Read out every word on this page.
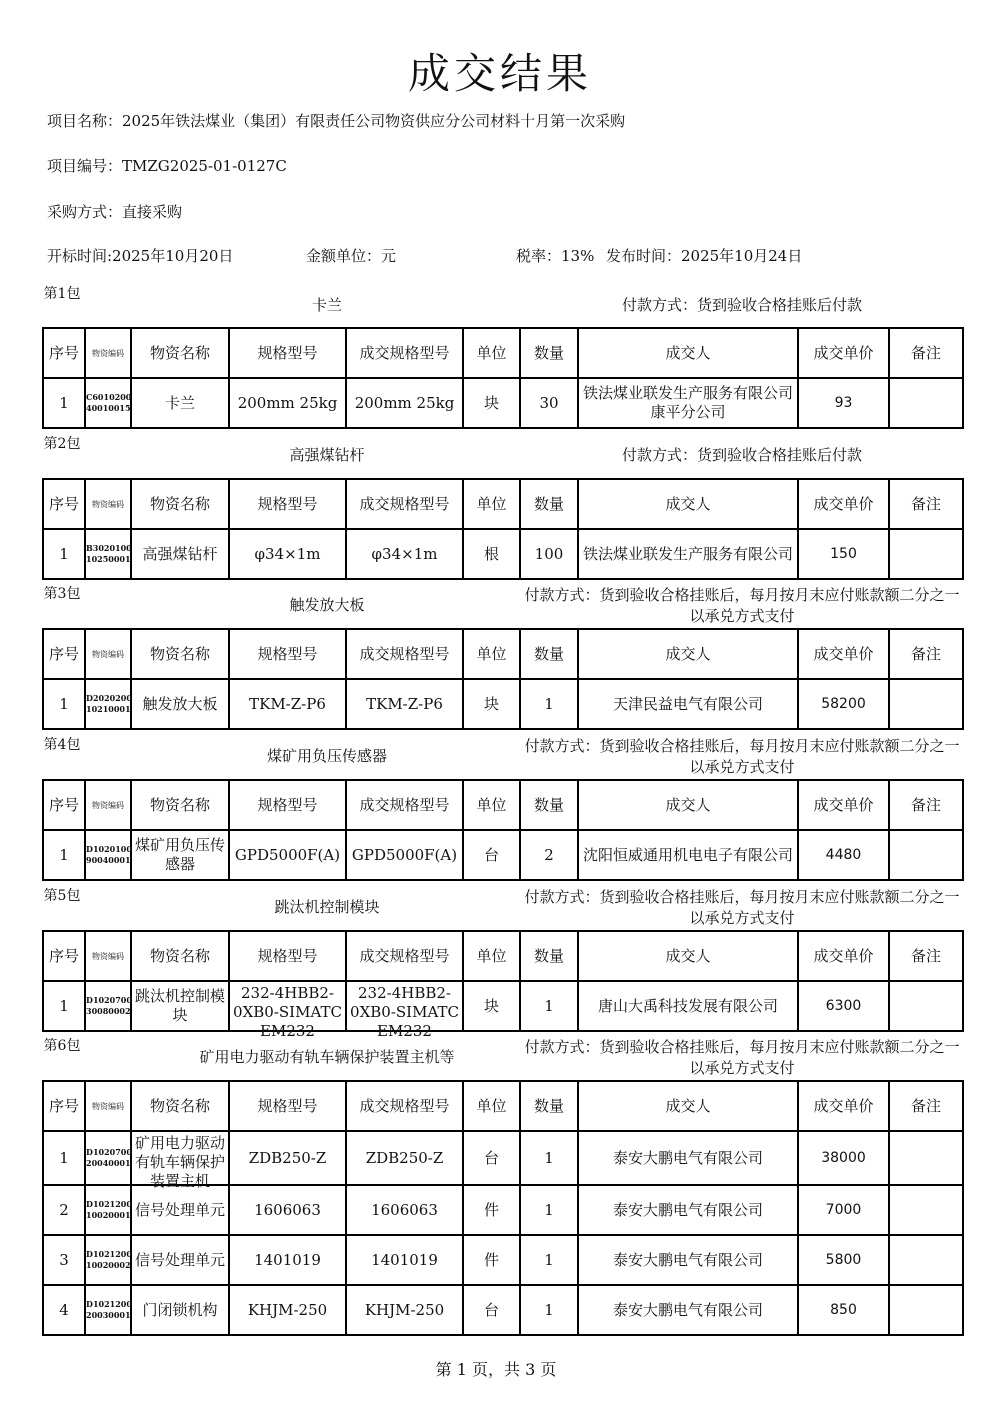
成交结果
项目名称：2025年铁法煤业（集团）有限责任公司物资供应分公司材料十月第一次采购
项目编号：TMZG2025-01-0127C
采购方式：直接采购
开标时间:2025年10月20日	金额单位：元	税率：13% 发布时间：2025年10月24日
第1包
卡兰	付款方式：货到验收合格挂账后付款
序号	物资编码	物资名称	规格型号	成交规格型号	单位	数量	成交人	成交单价	备注

1	C6010200 40010015	卡兰	200mm 25kg	200mm 25kg	块	30	铁法煤业联发生产服务有限公司康平分公司	93	

第2包
高强煤钻杆	付款方式：货到验收合格挂账后付款
序号	物资编码	物资名称	规格型号	成交规格型号	单位	数量	成交人	成交单价	备注

1	B3020100 10250001	高强煤钻杆	φ34×1m	φ34×1m	根	100	铁法煤业联发生产服务有限公司	150	

第3包
触发放大板
付款方式：货到验收合格挂账后，每月按月末应付账款额二分之一以承兑方式支付
序号	物资编码	物资名称	规格型号	成交规格型号	单位	数量	成交人	成交单价	备注

1	D2020200 10210001	触发放大板	TKM-Z-P6	TKM-Z-P6	块	1	天津民益电气有限公司	58200	

第4包
煤矿用负压传感器
付款方式：货到验收合格挂账后，每月按月末应付账款额二分之一以承兑方式支付
序号	物资编码	物资名称	规格型号	成交规格型号	单位	数量	成交人	成交单价	备注

1	D1020100 90040001	煤矿用负压传感器	GPD5000F(A)	GPD5000F(A)	台	2	沈阳恒威通用机电电子有限公司	4480	

第5包
跳汰机控制模块
付款方式：货到验收合格挂账后，每月按月末应付账款额二分之一以承兑方式支付
序号	物资编码	物资名称	规格型号	成交规格型号	单位	数量	成交人	成交单价	备注

1	D1020700 30080002	跳汰机控制模块	232-4HBB2-0XB0-SIMATC EM232	232-4HBB2-0XB0-SIMATC EM232	块	1	唐山大禹科技发展有限公司	6300	

第6包
矿用电力驱动有轨车辆保护装置主机等
付款方式：货到验收合格挂账后，每月按月末应付账款额二分之一以承兑方式支付
序号	物资编码	物资名称	规格型号	成交规格型号	单位	数量	成交人	成交单价	备注

1	D1020700 20040001	矿用电力驱动有轨车辆保护装置主机	ZDB250-Z	ZDB250-Z	台	1	泰安大鹏电气有限公司	38000	

2	D1021200 10020001	信号处理单元	1606063	1606063	件	1	泰安大鹏电气有限公司	7000	

3	D1021200 10020002	信号处理单元	1401019	1401019	件	1	泰安大鹏电气有限公司	5800	

4	D1021200 20030001	门闭锁机构	KHJM-250	KHJM-250	台	1	泰安大鹏电气有限公司	850	

第 1 页，共 3 页
